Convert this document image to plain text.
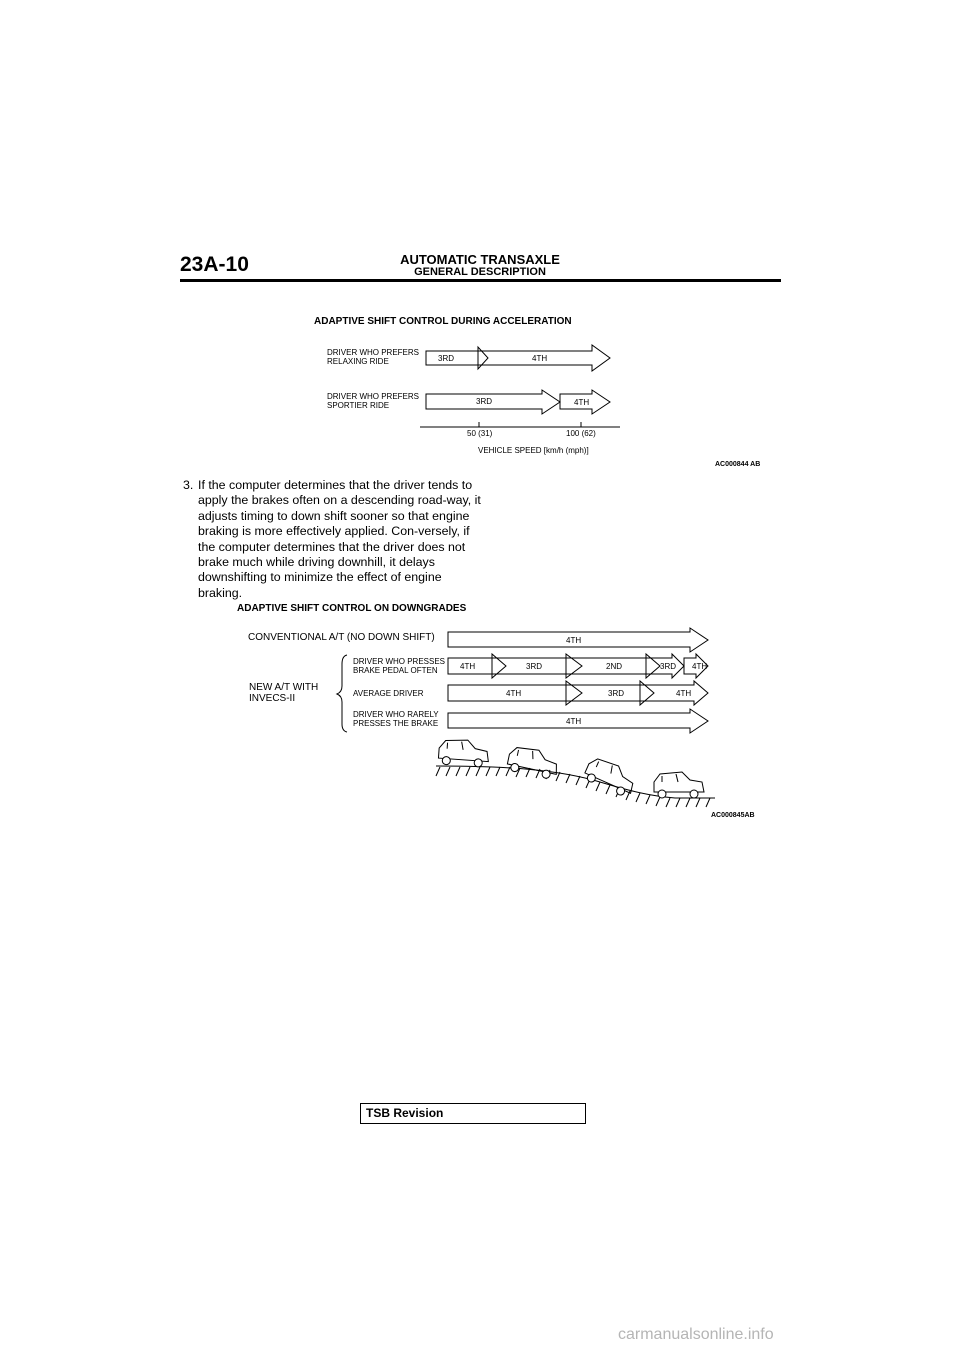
23A-10	AUTOMATIC TRANSAXLE
GENERAL DESCRIPTION
ADAPTIVE SHIFT CONTROL DURING ACCELERATION
DRIVER WHO PREFERS
RELAXING RIDE
DRIVER WHO PREFERS
SPORTIER RIDE
3RD	4TH
3RD	4TH
50 (31)	100 (62)
VEHICLE SPEED [km/h (mph)]
AC000844 AB
3. If the computer determines that the driver tends to apply the brakes often on a descending road-way, it adjusts timing to down shift sooner so that engine braking is more effectively applied. Con-versely, if the computer determines that the driver does not brake much while driving downhill, it delays downshifting to minimize the effect of engine braking.
ADAPTIVE SHIFT CONTROL ON DOWNGRADES
CONVENTIONAL A/T (NO DOWN SHIFT)
NEW A/T WITH
INVECS-II
DRIVER WHO PRESSES
BRAKE PEDAL OFTEN
AVERAGE DRIVER
DRIVER WHO RARELY
PRESSES THE BRAKE
4TH
4TH	3RD	2ND	3RD 4TH
4TH	3RD	4TH
4TH
AC000845AB
TSB Revision
carmanualsonline.info
